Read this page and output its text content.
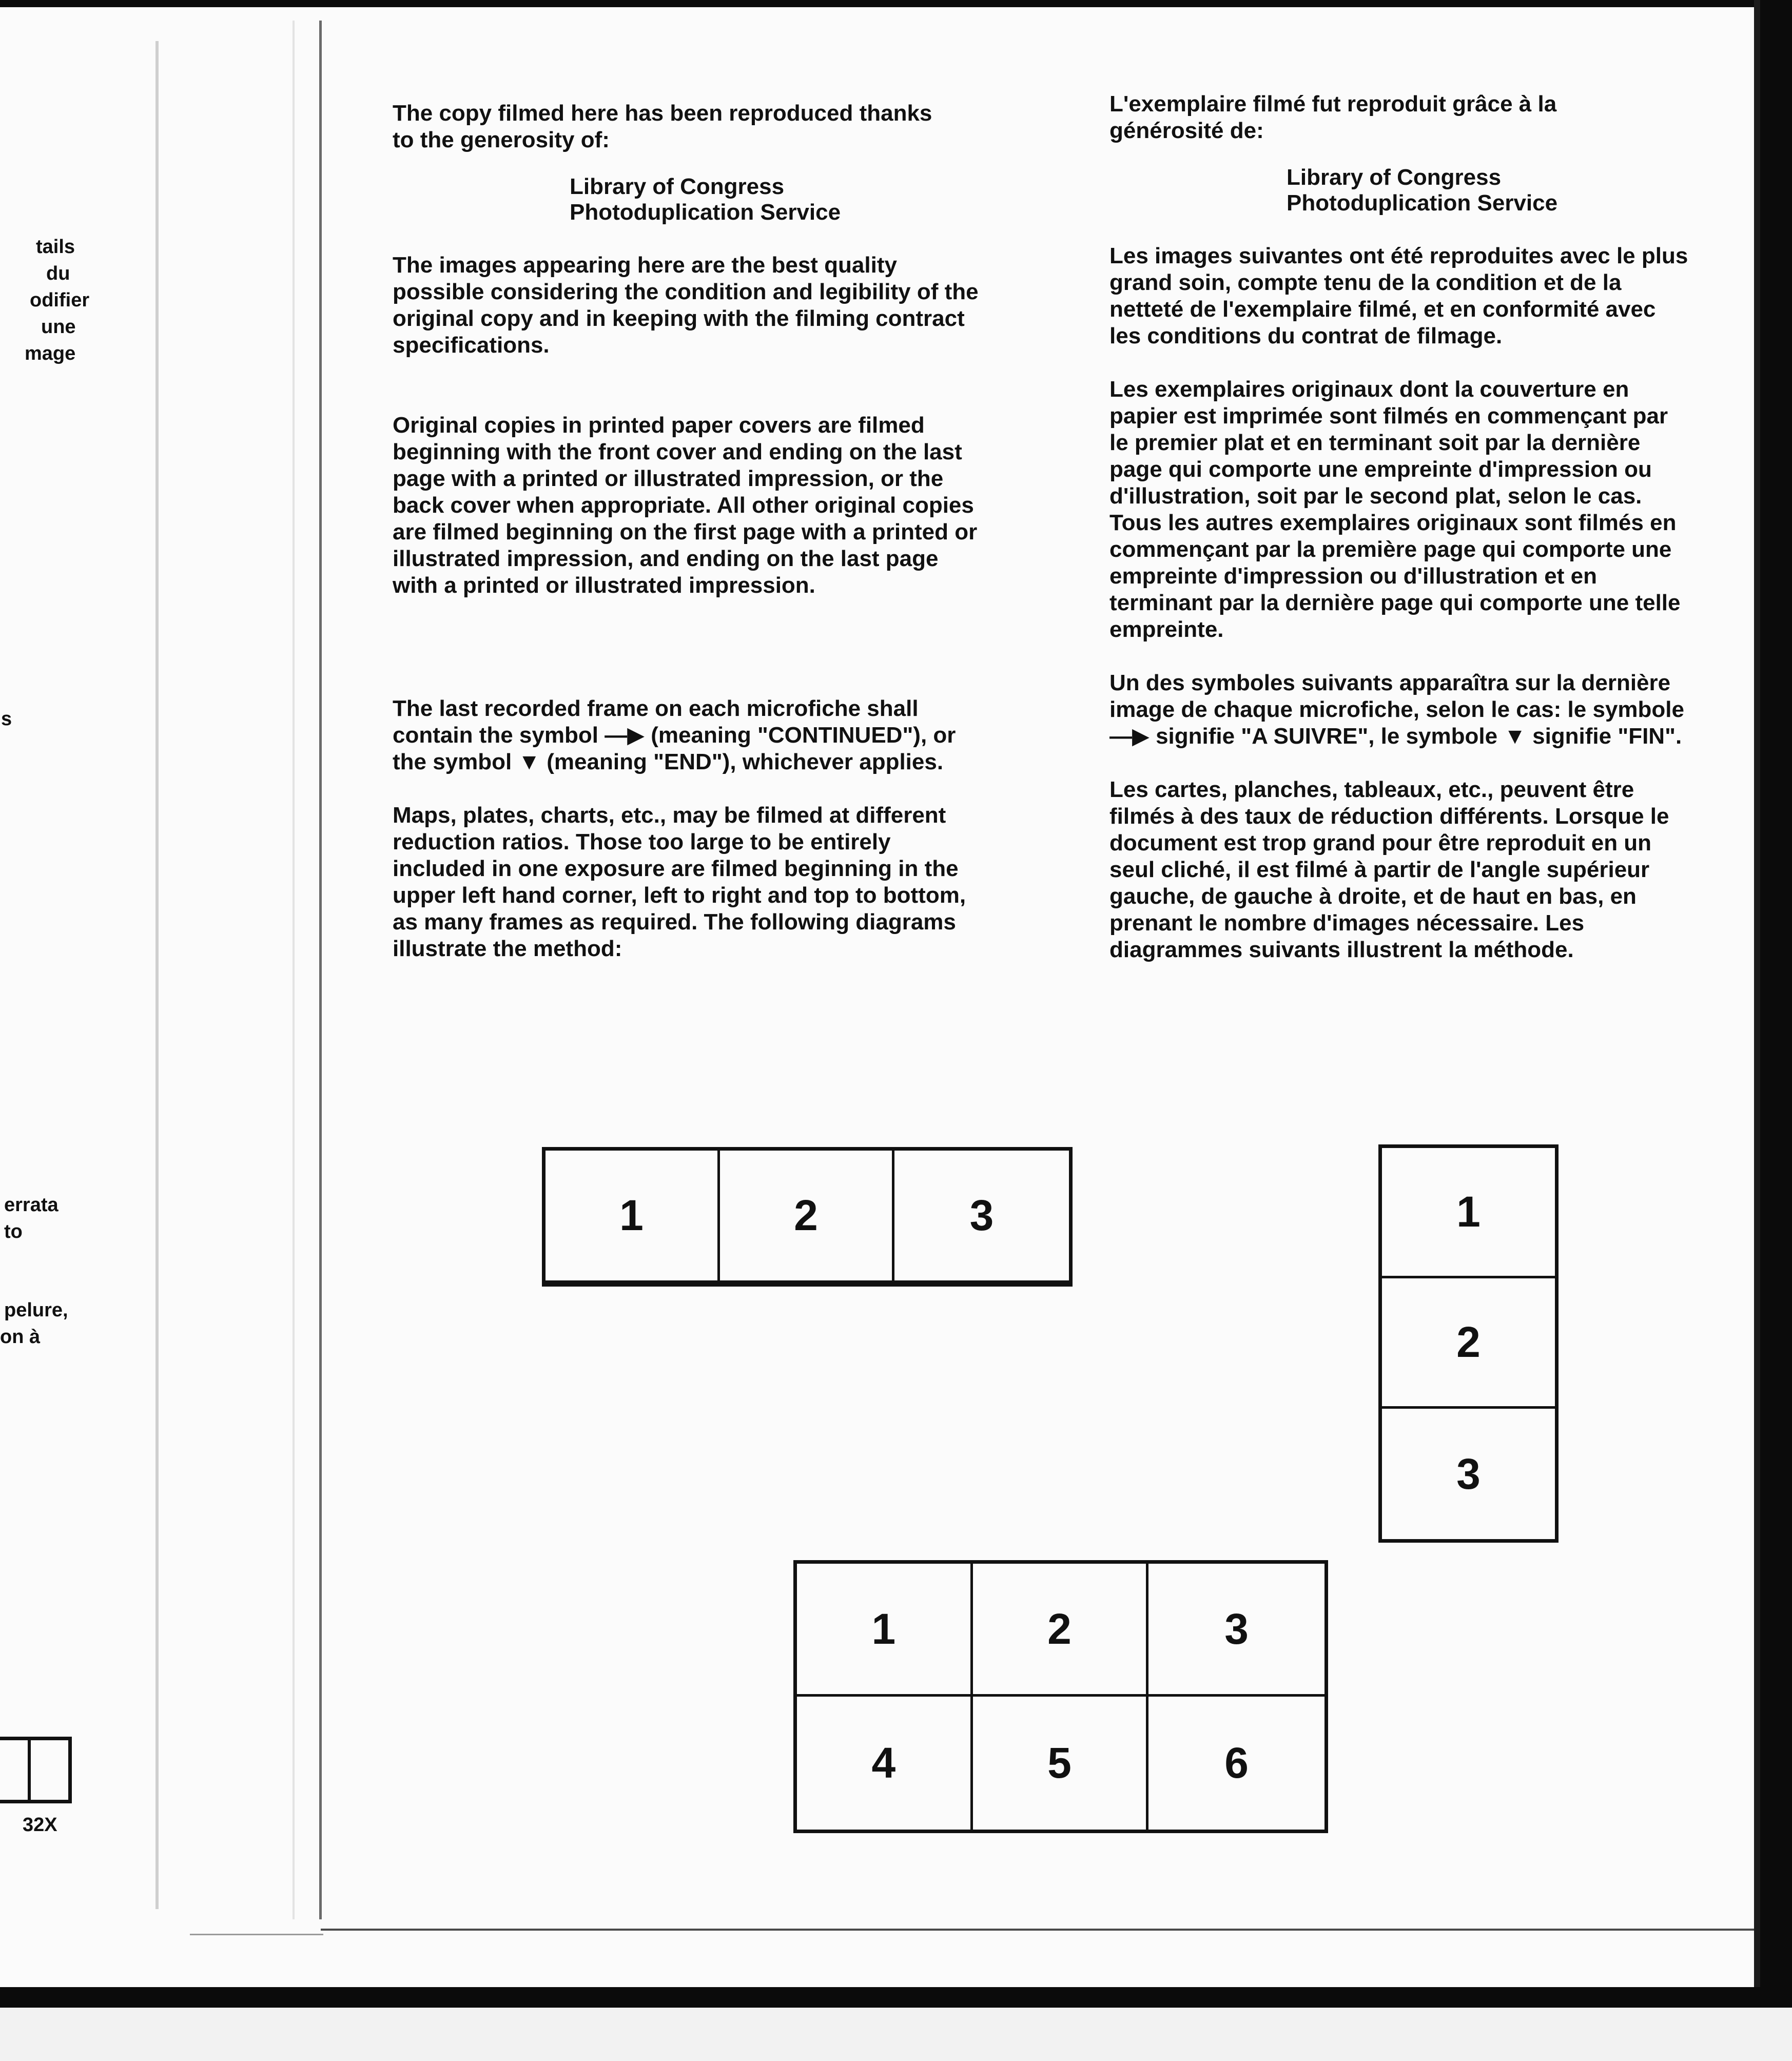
tails
du
odifier
une
mage
s
errata
to
pelure,
on à
32X
The copy filmed here has been reproduced thanks
to the generosity of:
Library of Congress
Photoduplication Service

The images appearing here are the best quality possible considering the condition and legibility of the original copy and in keeping with the filming contract specifications.

Original copies in printed paper covers are filmed beginning with the front cover and ending on the last page with a printed or illustrated impression, or the back cover when appropriate. All other original copies are filmed beginning on the first page with a printed or illustrated impression, and ending on the last page with a printed or illustrated impression.

The last recorded frame on each microfiche shall contain the symbol —▶ (meaning "CONTINUED"), or the symbol ▼ (meaning "END"), whichever applies.

Maps, plates, charts, etc., may be filmed at different reduction ratios. Those too large to be entirely included in one exposure are filmed beginning in the upper left hand corner, left to right and top to bottom, as many frames as required. The following diagrams illustrate the method:

L'exemplaire filmé fut reproduit grâce à la
générosité de:
Library of Congress
Photoduplication Service

Les images suivantes ont été reproduites avec le plus grand soin, compte tenu de la condition et de la netteté de l'exemplaire filmé, et en conformité avec les conditions du contrat de filmage.

Les exemplaires originaux dont la couverture en papier est imprimée sont filmés en commençant par le premier plat et en terminant soit par la dernière page qui comporte une empreinte d'impression ou d'illustration, soit par le second plat, selon le cas. Tous les autres exemplaires originaux sont filmés en commençant par la première page qui comporte une empreinte d'impression ou d'illustration et en terminant par la dernière page qui comporte une telle empreinte.

Un des symboles suivants apparaîtra sur la dernière image de chaque microfiche, selon le cas: le symbole —▶ signifie "A SUIVRE", le symbole ▼ signifie "FIN".

Les cartes, planches, tableaux, etc., peuvent être filmés à des taux de réduction différents. Lorsque le document est trop grand pour être reproduit en un seul cliché, il est filmé à partir de l'angle supérieur gauche, de gauche à droite, et de haut en bas, en prenant le nombre d'images nécessaire. Les diagrammes suivants illustrent la méthode.

1	2	3	1
2
3
1	2	3
4	5	6
